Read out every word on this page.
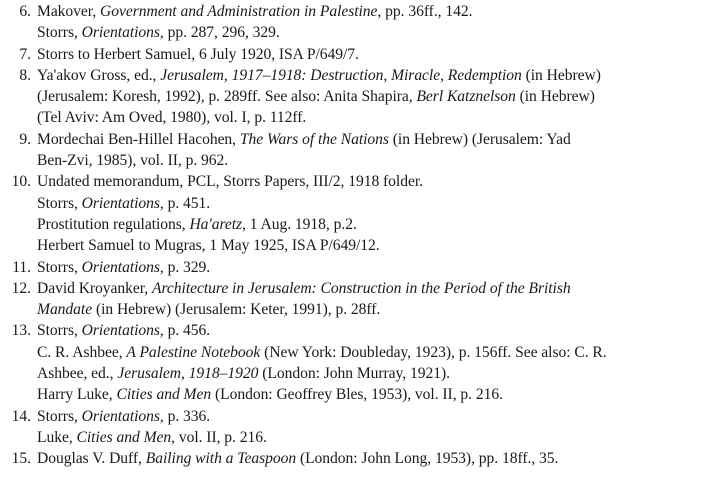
6. Makover, Government and Administration in Palestine, pp. 36ff., 142.
Storrs, Orientations, pp. 287, 296, 329.
7. Storrs to Herbert Samuel, 6 July 1920, ISA P/649/7.
8. Ya'akov Gross, ed., Jerusalem, 1917–1918: Destruction, Miracle, Redemption (in Hebrew)
(Jerusalem: Koresh, 1992), p. 289ff. See also: Anita Shapira, Berl Katznelson (in Hebrew)
(Tel Aviv: Am Oved, 1980), vol. I, p. 112ff.
9. Mordechai Ben-Hillel Hacohen, The Wars of the Nations (in Hebrew) (Jerusalem: Yad
Ben-Zvi, 1985), vol. II, p. 962.
10. Undated memorandum, PCL, Storrs Papers, III/2, 1918 folder.
Storrs, Orientations, p. 451.
Prostitution regulations, Ha'aretz, 1 Aug. 1918, p.2.
Herbert Samuel to Mugras, 1 May 1925, ISA P/649/12.
11. Storrs, Orientations, p. 329.
12. David Kroyanker, Architecture in Jerusalem: Construction in the Period of the British
Mandate (in Hebrew) (Jerusalem: Keter, 1991), p. 28ff.
13. Storrs, Orientations, p. 456.
C. R. Ashbee, A Palestine Notebook (New York: Doubleday, 1923), p. 156ff. See also: C. R.
Ashbee, ed., Jerusalem, 1918–1920 (London: John Murray, 1921).
Harry Luke, Cities and Men (London: Geoffrey Bles, 1953), vol. II, p. 216.
14. Storrs, Orientations, p. 336.
Luke, Cities and Men, vol. II, p. 216.
15. Douglas V. Duff, Bailing with a Teaspoon (London: John Long, 1953), pp. 18ff., 35.
